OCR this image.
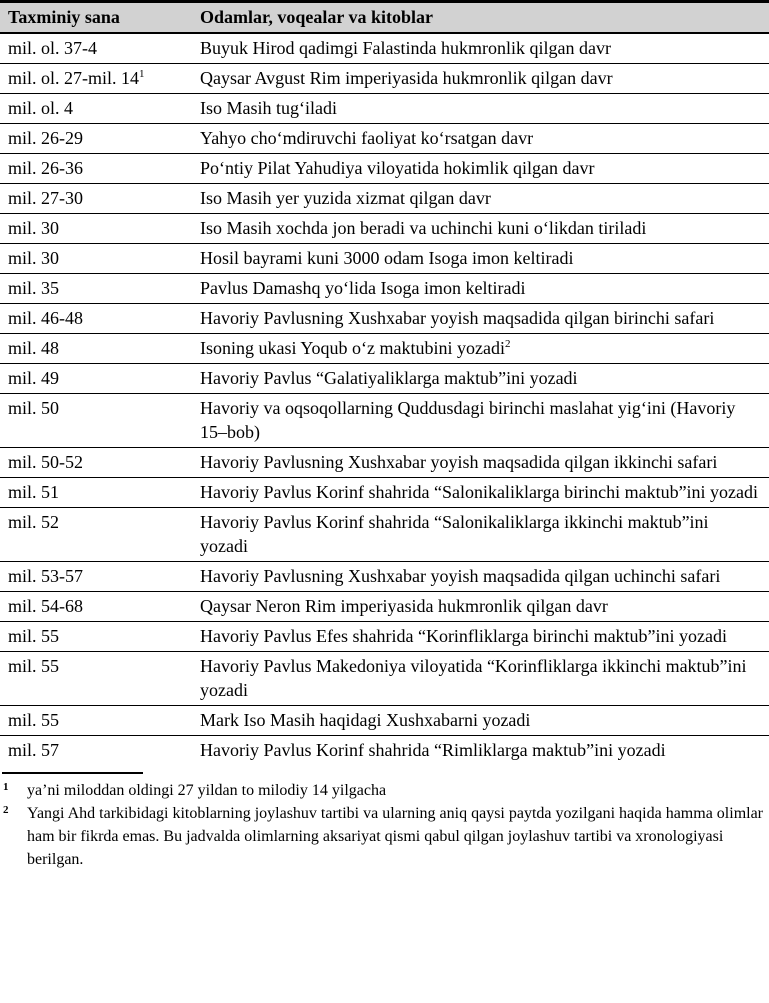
Taxminiy sana	Odamlar, voqealar va kitoblar
mil. ol. 37-4	Buyuk Hirod qadimgi Falastinda hukmronlik qilgan davr
mil. ol. 27-mil. 14$^1$	Qaysar Avgust Rim imperiyasida hukmronlik qilgan davr
mil. ol. 4	Iso Masih tugʻiladi
mil. 26-29	Yahyo choʻmdiruvchi faoliyat koʻrsatgan davr
mil. 26-36	Poʻntiy Pilat Yahudiya viloyatida hokimlik qilgan davr
mil. 27-30	Iso Masih yer yuzida xizmat qilgan davr
mil. 30	Iso Masih xochda jon beradi va uchinchi kuni oʻlikdan tiriladi
mil. 30	Hosil bayrami kuni 3000 odam Isoga imon keltiradi
mil. 35	Pavlus Damashq yoʻlida Isoga imon keltiradi
mil. 46-48	Havoriy Pavlusning Xushxabar yoyish maqsadida qilgan birinchi safari
mil. 48	Isoning ukasi Yoqub oʻz maktubini yozadi$^2$
mil. 49	Havoriy Pavlus “Galatiyaliklarga maktub”ini yozadi
mil. 50	Havoriy va oqsoqollarning Quddusdagi birinchi maslahat yigʻini (Havoriy 15–bob)
mil. 50-52	Havoriy Pavlusning Xushxabar yoyish maqsadida qilgan ikkinchi safari
mil. 51	Havoriy Pavlus Korinf shahrida “Salonikaliklarga birinchi maktub”ini yozadi
mil. 52	Havoriy Pavlus Korinf shahrida “Salonikaliklarga ikkinchi maktub”ini yozadi
mil. 53-57	Havoriy Pavlusning Xushxabar yoyish maqsadida qilgan uchinchi safari
mil. 54-68	Qaysar Neron Rim imperiyasida hukmronlik qilgan davr
mil. 55	Havoriy Pavlus Efes shahrida “Korinfliklarga birinchi maktub”ini yozadi
mil. 55	Havoriy Pavlus Makedoniya viloyatida “Korinfliklarga ikkinchi maktub”ini yozadi
mil. 55	Mark Iso Masih haqidagi Xushxabarni yozadi
mil. 57	Havoriy Pavlus Korinf shahrida “Rimliklarga maktub”ini yozadi
1 yaʼni miloddan oldingi 27 yildan to milodiy 14 yilgacha
2 Yangi Ahd tarkibidagi kitoblarning joylashuv tartibi va ularning aniq qaysi paytda yozilgani haqida hamma olimlar ham bir fikrda emas. Bu jadvalda olimlarning aksariyat qismi qabul qilgan joylashuv tartibi va xronologiyasi berilgan.
